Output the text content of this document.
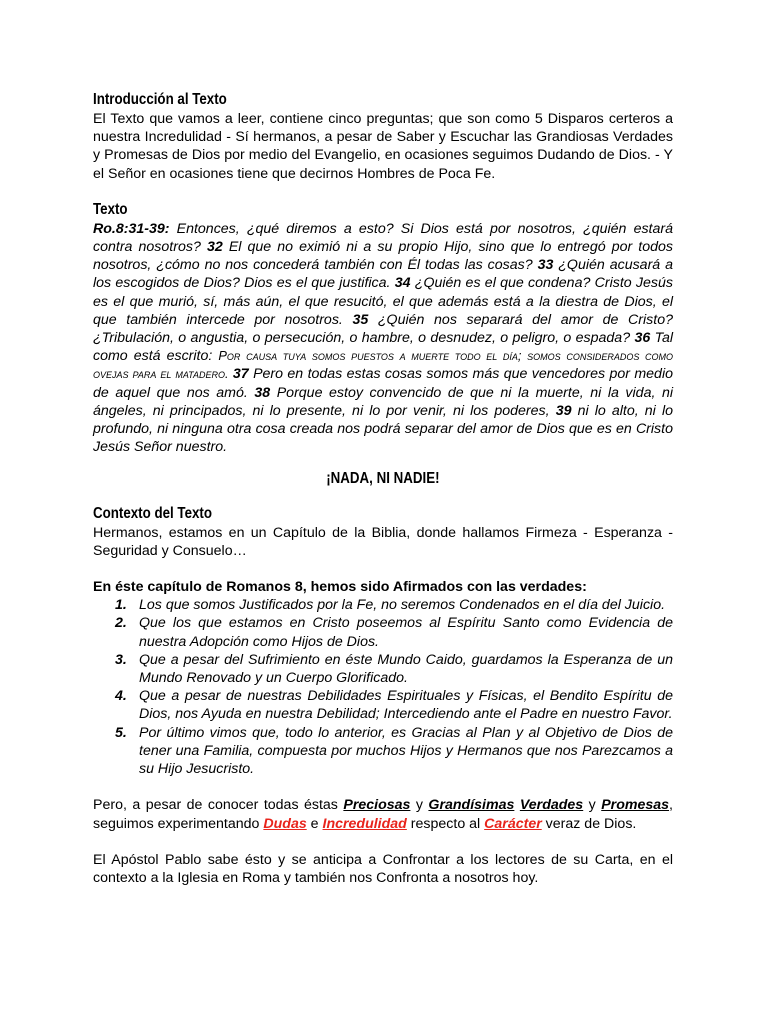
Introducción al Texto

El Texto que vamos a leer, contiene cinco preguntas; que son como 5 Disparos certeros a nuestra Incredulidad - Sí hermanos, a pesar de Saber y Escuchar las Grandiosas Verdades y Promesas de Dios por medio del Evangelio, en ocasiones seguimos Dudando de Dios. - Y el Señor en ocasiones tiene que decirnos Hombres de Poca Fe.

Texto

Ro.8:31-39: Entonces, ¿qué diremos a esto? Si Dios está por nosotros, ¿quién estará contra nosotros? 32 El que no eximió ni a su propio Hijo, sino que lo entregó por todos nosotros, ¿cómo no nos concederá también con Él todas las cosas? 33 ¿Quién acusará a los escogidos de Dios? Dios es el que justifica. 34 ¿Quién es el que condena? Cristo Jesús es el que murió, sí, más aún, el que resucitó, el que además está a la diestra de Dios, el que también intercede por nosotros. 35 ¿Quién nos separará del amor de Cristo? ¿Tribulación, o angustia, o persecución, o hambre, o desnudez, o peligro, o espada? 36 Tal como está escrito: Por causa tuya somos puestos a muerte todo el día; somos considerados como ovejas para el matadero. 37 Pero en todas estas cosas somos más que vencedores por medio de aquel que nos amó. 38 Porque estoy convencido de que ni la muerte, ni la vida, ni ángeles, ni principados, ni lo presente, ni lo por venir, ni los poderes, 39 ni lo alto, ni lo profundo, ni ninguna otra cosa creada nos podrá separar del amor de Dios que es en Cristo Jesús Señor nuestro.

¡NADA, NI NADIE!
Contexto del Texto

Hermanos, estamos en un Capítulo de la Biblia, donde hallamos Firmeza - Esperanza - Seguridad y Consuelo…

En éste capítulo de Romanos 8, hemos sido Afirmados con las verdades:

1. Los que somos Justificados por la Fe, no seremos Condenados en el día del Juicio.
2. Que los que estamos en Cristo poseemos al Espíritu Santo como Evidencia de nuestra Adopción como Hijos de Dios.
3. Que a pesar del Sufrimiento en éste Mundo Caido, guardamos la Esperanza de un Mundo Renovado y un Cuerpo Glorificado.
4. Que a pesar de nuestras Debilidades Espirituales y Físicas, el Bendito Espíritu de Dios, nos Ayuda en nuestra Debilidad; Intercediendo ante el Padre en nuestro Favor.
5. Por último vimos que, todo lo anterior, es Gracias al Plan y al Objetivo de Dios de tener una Familia, compuesta por muchos Hijos y Hermanos que nos Parezcamos a su Hijo Jesucristo.

Pero, a pesar de conocer todas éstas Preciosas y Grandísimas Verdades y Promesas, seguimos experimentando Dudas e Incredulidad respecto al Carácter veraz de Dios.

El Apóstol Pablo sabe ésto y se anticipa a Confrontar a los lectores de su Carta, en el contexto a la Iglesia en Roma y también nos Confronta a nosotros hoy.
